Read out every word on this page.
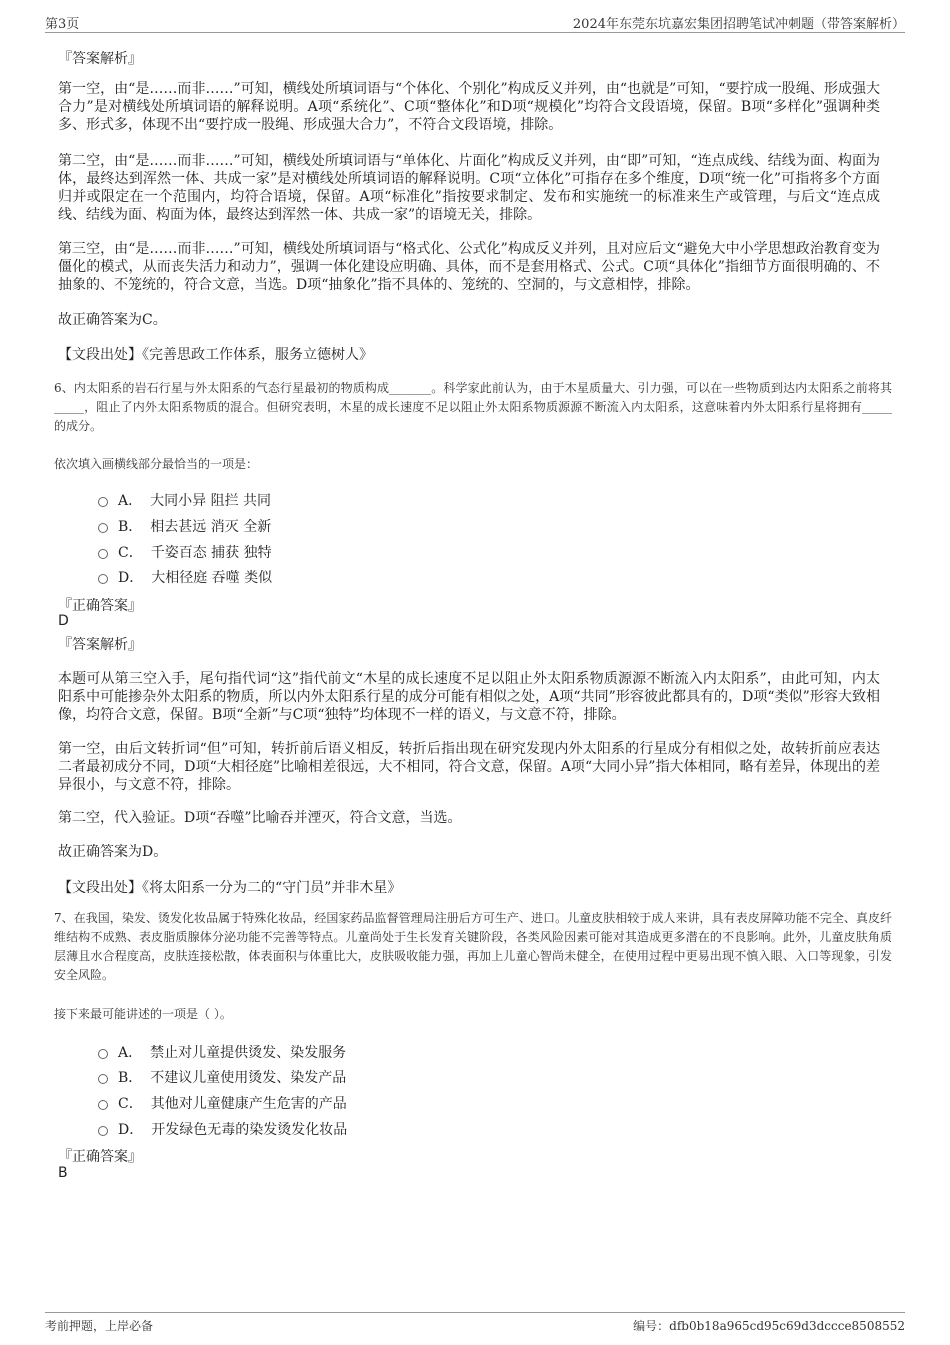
第3页	2024年东莞东坑嘉宏集团招聘笔试冲刺题（带答案解析）
『答案解析』
第一空，由“是……而非……”可知，横线处所填词语与“个体化、个别化”构成反义并列，由“也就是”可知，“要拧成一股绳、形成强大合力”是对横线处所填词语的解释说明。A项“系统化”、C项“整体化”和D项“规模化”均符合文段语境，保留。B项“多样化”强调种类多、形式多，体现不出“要拧成一股绳、形成强大合力”，不符合文段语境，排除。
第二空，由“是……而非……”可知，横线处所填词语与“单体化、片面化”构成反义并列，由“即”可知，“连点成线、结线为面、构面为体，最终达到浑然一体、共成一家”是对横线处所填词语的解释说明。C项“立体化”可指存在多个维度，D项“统一化”可指将多个方面归并或限定在一个范围内，均符合语境，保留。A项“标准化”指按要求制定、发布和实施统一的标准来生产或管理，与后文“连点成线、结线为面、构面为体，最终达到浑然一体、共成一家”的语境无关，排除。
第三空，由“是……而非……”可知，横线处所填词语与“格式化、公式化”构成反义并列，且对应后文“避免大中小学思想政治教育变为僵化的模式，从而丧失活力和动力”，强调一体化建设应明确、具体，而不是套用格式、公式。C项“具体化”指细节方面很明确的、不抽象的、不笼统的，符合文意，当选。D项“抽象化”指不具体的、笼统的、空洞的，与文意相悖，排除。
故正确答案为C。
【文段出处】《完善思政工作体系，服务立德树人》
6、内太阳系的岩石行星与外太阳系的气态行星最初的物质构成_______。科学家此前认为，由于木星质量大、引力强，可以在一些物质到达内太阳系之前将其_____，阻止了内外太阳系物质的混合。但研究表明，木星的成长速度不足以阻止外太阳系物质源源不断流入内太阳系，这意味着内外太阳系行星将拥有_____的成分。
依次填入画横线部分最恰当的一项是：
A． 大同小异 阻拦 共同
B． 相去甚远 消灭 全新
C． 千姿百态 捕获 独特
D． 大相径庭 吞噬 类似
『正确答案』
D
『答案解析』
本题可从第三空入手，尾句指代词“这”指代前文“木星的成长速度不足以阻止外太阳系物质源源不断流入内太阳系”，由此可知，内太阳系中可能掺杂外太阳系的物质，所以内外太阳系行星的成分可能有相似之处，A项“共同”形容彼此都具有的，D项“类似”形容大致相像，均符合文意，保留。B项“全新”与C项“独特”均体现不一样的语义，与文意不符，排除。
第一空，由后文转折词“但”可知，转折前后语义相反，转折后指出现在研究发现内外太阳系的行星成分有相似之处，故转折前应表达二者最初成分不同，D项“大相径庭”比喻相差很远，大不相同，符合文意，保留。A项“大同小异”指大体相同，略有差异，体现出的差异很小，与文意不符，排除。
第二空，代入验证。D项“吞噬”比喻吞并湮灭，符合文意，当选。
故正确答案为D。
【文段出处】《将太阳系一分为二的“守门员”并非木星》
7、在我国，染发、烫发化妆品属于特殊化妆品，经国家药品监督管理局注册后方可生产、进口。儿童皮肤相较于成人来讲，具有表皮屏障功能不完全、真皮纤维结构不成熟、表皮脂质腺体分泌功能不完善等特点。儿童尚处于生长发育关键阶段，各类风险因素可能对其造成更多潜在的不良影响。此外，儿童皮肤角质层薄且水合程度高，皮肤连接松散，体表面积与体重比大，皮肤吸收能力强，再加上儿童心智尚未健全，在使用过程中更易出现不慎入眼、入口等现象，引发安全风险。
接下来最可能讲述的一项是（ ）。
A． 禁止对儿童提供烫发、染发服务
B． 不建议儿童使用烫发、染发产品
C． 其他对儿童健康产生危害的产品
D． 开发绿色无毒的染发烫发化妆品
『正确答案』
B
考前押题，上岸必备	编号：dfb0b18a965cd95c69d3dccce8508552
